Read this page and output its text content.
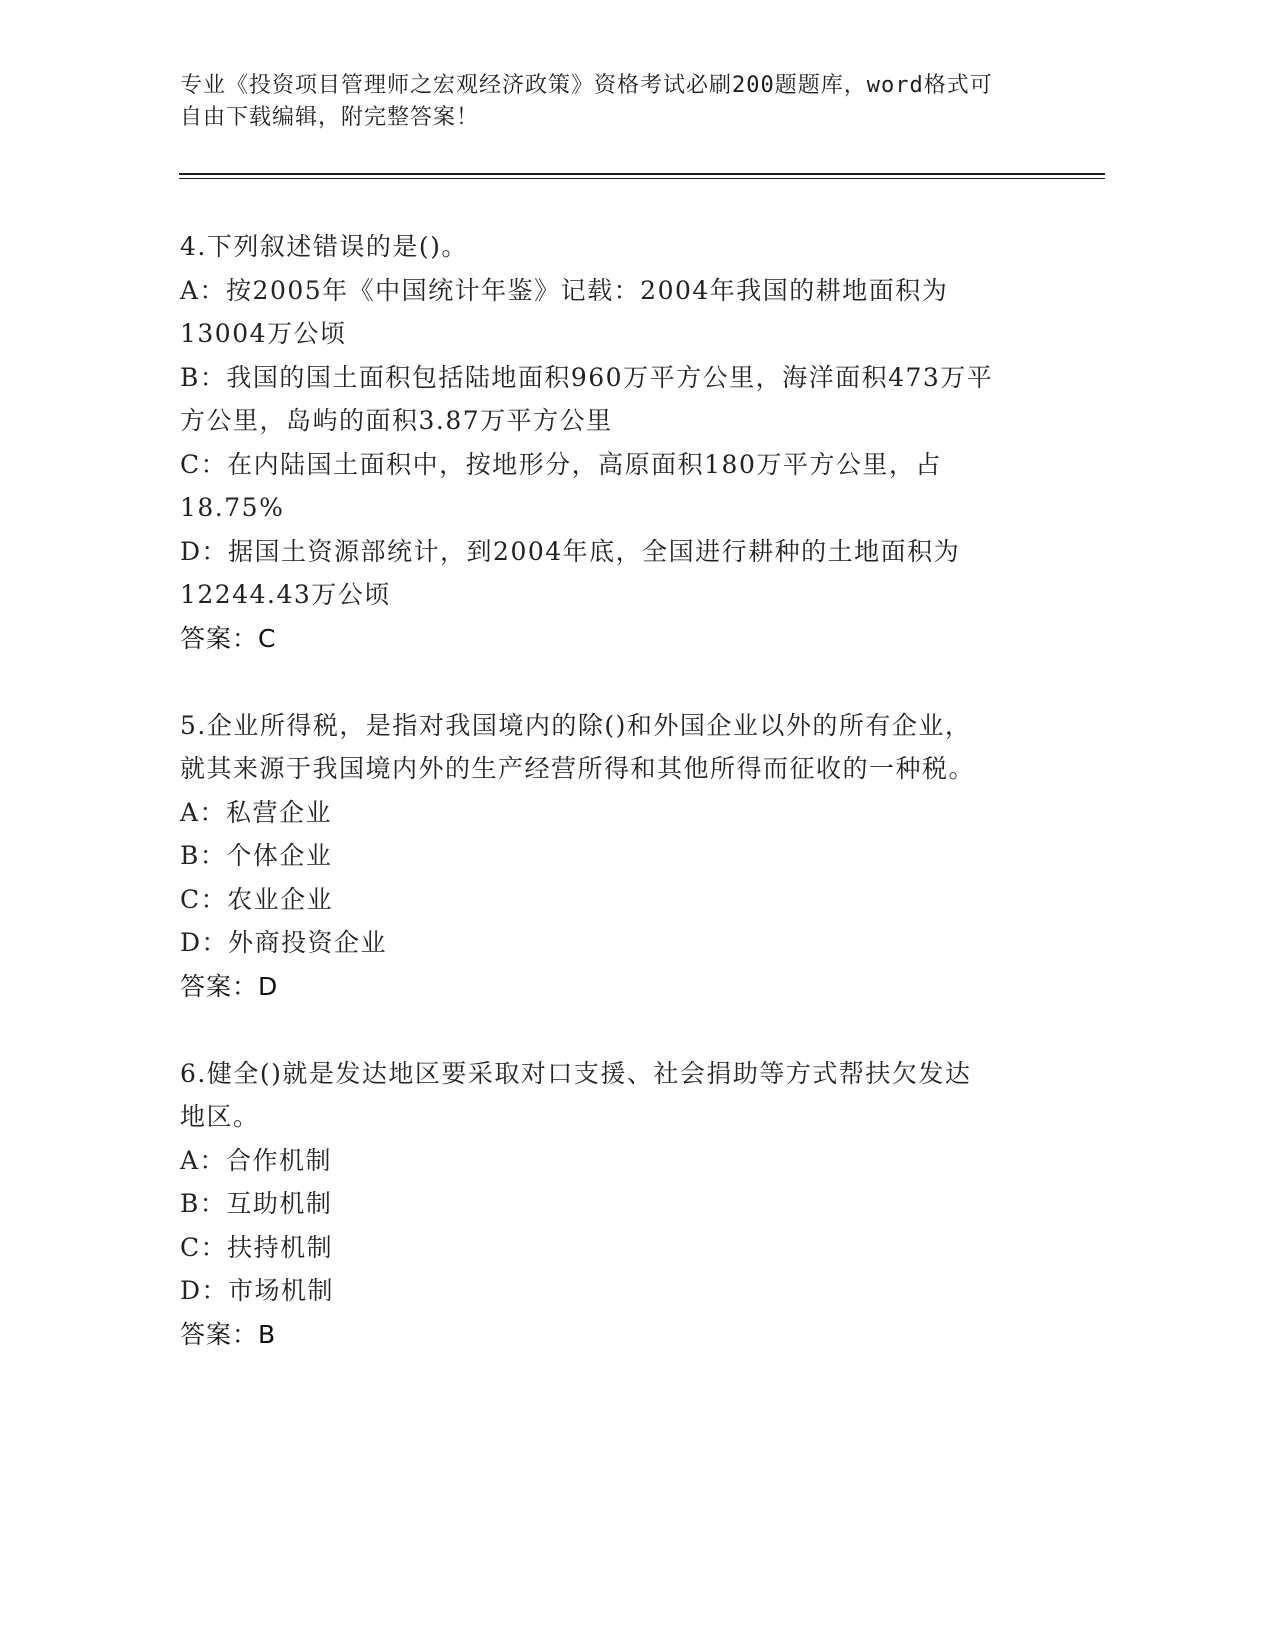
专业《投资项目管理师之宏观经济政策》资格考试必刷200题题库，word格式可
自由下载编辑，附完整答案！
4.下列叙述错误的是()。
A：按2005年《中国统计年鉴》记载：2004年我国的耕地面积为
13004万公顷
B：我国的国土面积包括陆地面积960万平方公里，海洋面积473万平
方公里，岛屿的面积3.87万平方公里
C：在内陆国土面积中，按地形分，高原面积180万平方公里，占
18.75%
D：据国土资源部统计，到2004年底，全国进行耕种的土地面积为
12244.43万公顷
答案：C
5.企业所得税，是指对我国境内的除()和外国企业以外的所有企业，
就其来源于我国境内外的生产经营所得和其他所得而征收的一种税。
A：私营企业
B：个体企业
C：农业企业
D：外商投资企业
答案：D
6.健全()就是发达地区要采取对口支援、社会捐助等方式帮扶欠发达
地区。
A：合作机制
B：互助机制
C：扶持机制
D：市场机制
答案：B
